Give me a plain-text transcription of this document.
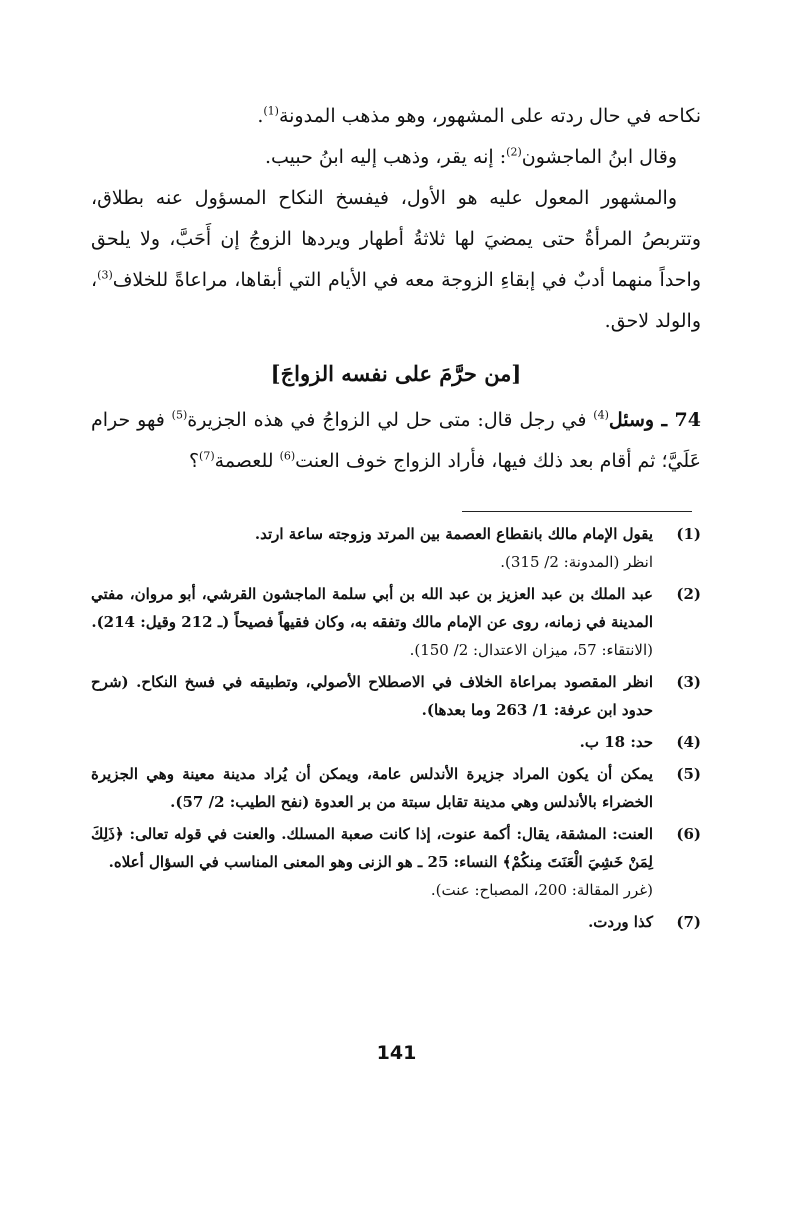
نكاحه في حال ردته على المشهور، وهو مذهب المدونة$^{(1)}$.

وقال ابنُ الماجشون$^{(2)}$: إنه يقر، وذهب إليه ابنُ حبيب.

والمشهور المعول عليه هو الأول، فيفسخ النكاح المسؤول عنه بطلاق، وتتربصُ المرأةُ حتى يمضيَ لها ثلاثةُ أطهار ويردها الزوجُ إن أَحَبَّ، ولا يلحق واحداً منهما أدبٌ في إبقاءِ الزوجة معه في الأيام التي أبقاها، مراعاةً للخلاف$^{(3)}$، والولد لاحق.

[من حرَّمَ على نفسه الزواجَ]

74 ـ وسئل$^{(4)}$ في رجل قال: متى حل لي الزواجُ في هذه الجزيرة$^{(5)}$ فهو حرام عَلَيَّ؛ ثم أقام بعد ذلك فيها، فأراد الزواج خوف العنت$^{(6)}$ للعصمة$^{(7)}$؟

(1)
يقول الإمام مالك بانقطاع العصمة بين المرتد وزوجته ساعة ارتد.
انظر (المدونة: 2/ 315).
(2)
عبد الملك بن عبد العزيز بن عبد الله بن أبي سلمة الماجشون القرشي، أبو مروان، مفتي المدينة في زمانه، روى عن الإمام مالك وتفقه به، وكان فقيهاً فصيحاً (ـ 212 وقيل: 214).
(الانتقاء: 57، ميزان الاعتدال: 2/ 150).
(3)
انظر المقصود بمراعاة الخلاف في الاصطلاح الأصولي، وتطبيقه في فسخ النكاح. (شرح حدود ابن عرفة: 1/ 263 وما بعدها).
(4)
حد: 18 ب.
(5)
يمكن أن يكون المراد جزيرة الأندلس عامة، ويمكن أن يُراد مدينة معينة وهي الجزيرة الخضراء بالأندلس وهي مدينة تقابل سبتة من بر العدوة (نفح الطيب: 2/ 57).
(6)
العنت: المشقة، يقال: أكمة عنوت، إذا كانت صعبة المسلك. والعنت في قوله تعالى: ﴿ذَلِكَ لِمَنْ خَشِيَ الْعَنَتَ مِنكُمْ﴾ النساء: 25 ـ هو الزنى وهو المعنى المناسب في السؤال أعلاه.
(غرر المقالة: 200، المصباح: عنت).
(7)
كذا وردت.
141
